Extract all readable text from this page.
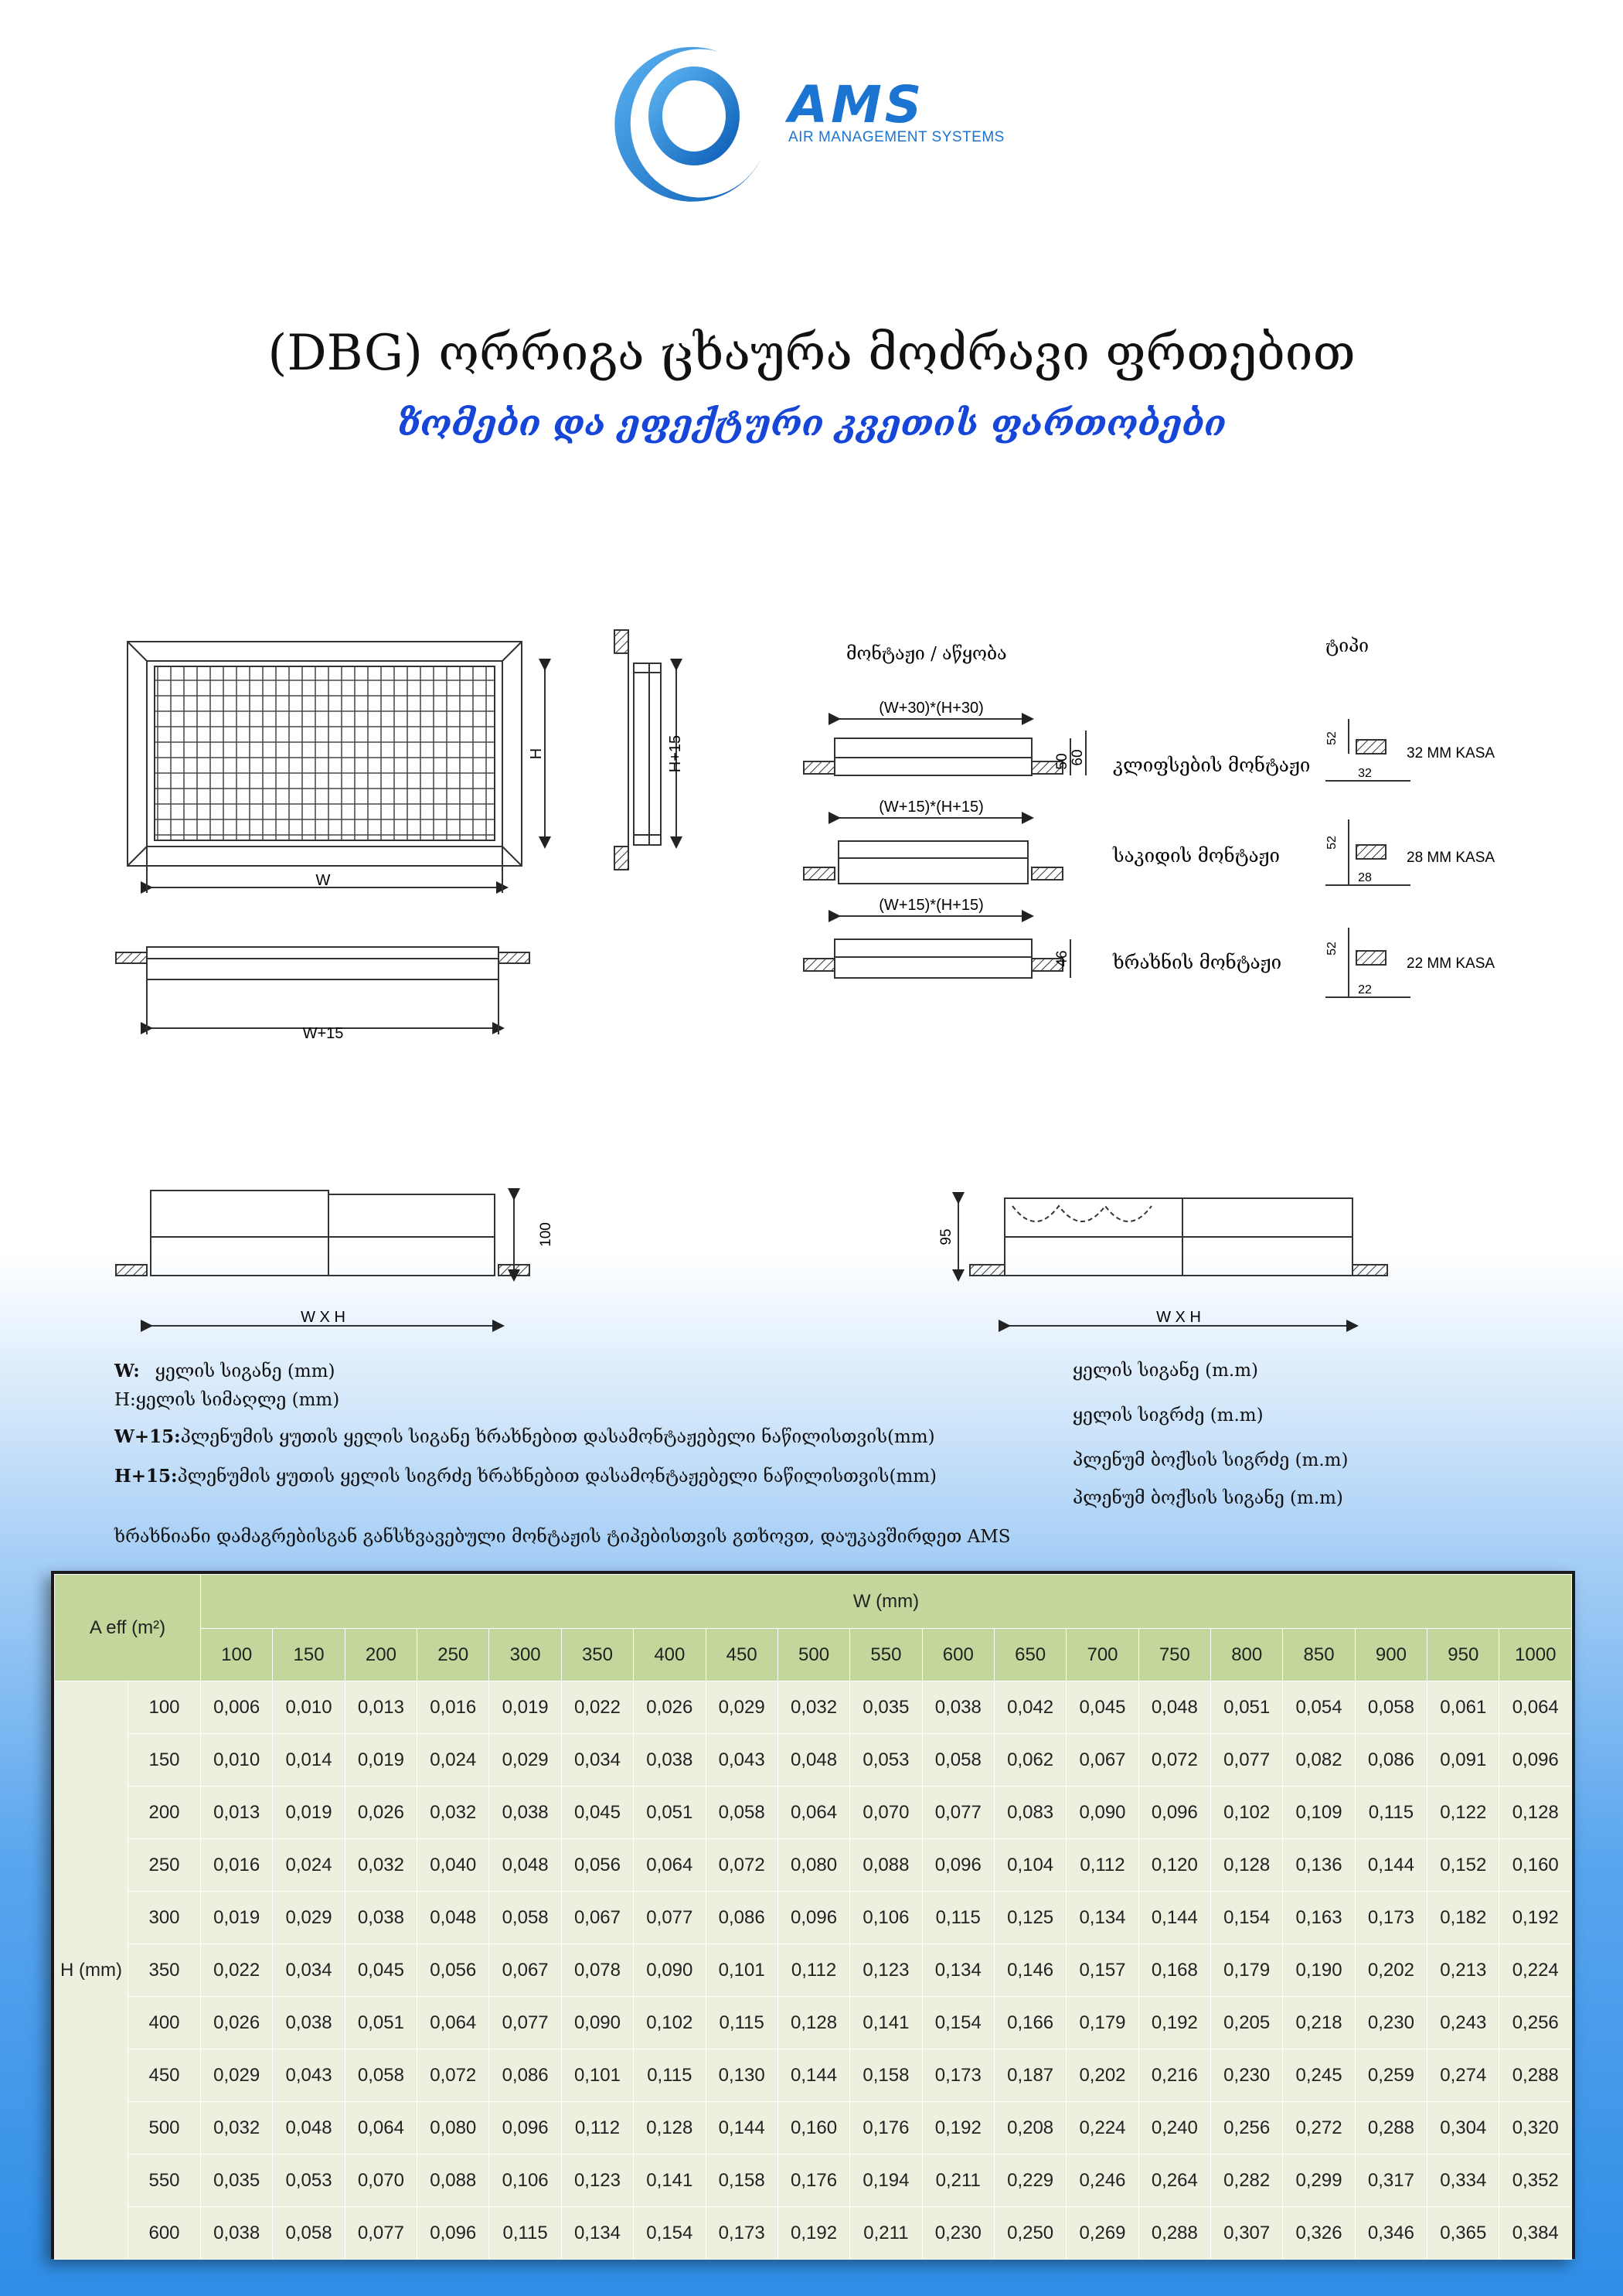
AMS
AIR MANAGEMENT SYSTEMS
(DBG) ორრიგა ცხაურა მოძრავი ფრთებით
ზომები და ეფექტური კვეთის ფართობები
W
H	H+15
W+15
მონტაჟი / აწყობა	ტიპი
(W+30)*(H+30)
50 60 კლიფსების მონტაჟი
(W+15)*(H+15)
საკიდის მონტაჟი
(W+15)*(H+15)
46 ხრახნის მონტაჟი
52
52
52
32
28
22
32 MM KASA
28 MM KASA
22 MM KASA
W X H
100
W X H
95
W: ყელის სიგანე (mm)
H:ყელის სიმაღლე (mm)
W+15:პლენუმის ყუთის ყელის სიგანე ხრახნებით დასამონტაჟებელი ნაწილისთვის(mm)
H+15:პლენუმის ყუთის ყელის სიგრძე ხრახნებით დასამონტაჟებელი ნაწილისთვის(mm)
ყელის სიგანე (m.m)
ყელის სიგრძე (m.m)
პლენუმ ბოქსის სიგრძე (m.m)
პლენუმ ბოქსის სიგანე (m.m)
ხრახნიანი დამაგრებისგან განსხვავებული მონტაჟის ტიპებისთვის გთხოვთ, დაუკავშირდეთ AMS
A eff (m²)		W (mm)																		
		100	150	200	250	300	350	400	450	500	550	600	650	700	750	800	850	900	950	1000
H (mm)	100	0,006	0,010	0,013	0,016	0,019	0,022	0,026	0,029	0,032	0,035	0,038	0,042	0,045	0,048	0,051	0,054	0,058	0,061	0,064
	150	0,010	0,014	0,019	0,024	0,029	0,034	0,038	0,043	0,048	0,053	0,058	0,062	0,067	0,072	0,077	0,082	0,086	0,091	0,096
	200	0,013	0,019	0,026	0,032	0,038	0,045	0,051	0,058	0,064	0,070	0,077	0,083	0,090	0,096	0,102	0,109	0,115	0,122	0,128
	250	0,016	0,024	0,032	0,040	0,048	0,056	0,064	0,072	0,080	0,088	0,096	0,104	0,112	0,120	0,128	0,136	0,144	0,152	0,160
	300	0,019	0,029	0,038	0,048	0,058	0,067	0,077	0,086	0,096	0,106	0,115	0,125	0,134	0,144	0,154	0,163	0,173	0,182	0,192
	350	0,022	0,034	0,045	0,056	0,067	0,078	0,090	0,101	0,112	0,123	0,134	0,146	0,157	0,168	0,179	0,190	0,202	0,213	0,224
	400	0,026	0,038	0,051	0,064	0,077	0,090	0,102	0,115	0,128	0,141	0,154	0,166	0,179	0,192	0,205	0,218	0,230	0,243	0,256
	450	0,029	0,043	0,058	0,072	0,086	0,101	0,115	0,130	0,144	0,158	0,173	0,187	0,202	0,216	0,230	0,245	0,259	0,274	0,288
	500	0,032	0,048	0,064	0,080	0,096	0,112	0,128	0,144	0,160	0,176	0,192	0,208	0,224	0,240	0,256	0,272	0,288	0,304	0,320
	550	0,035	0,053	0,070	0,088	0,106	0,123	0,141	0,158	0,176	0,194	0,211	0,229	0,246	0,264	0,282	0,299	0,317	0,334	0,352
	600	0,038	0,058	0,077	0,096	0,115	0,134	0,154	0,173	0,192	0,211	0,230	0,250	0,269	0,288	0,307	0,326	0,346	0,365	0,384
